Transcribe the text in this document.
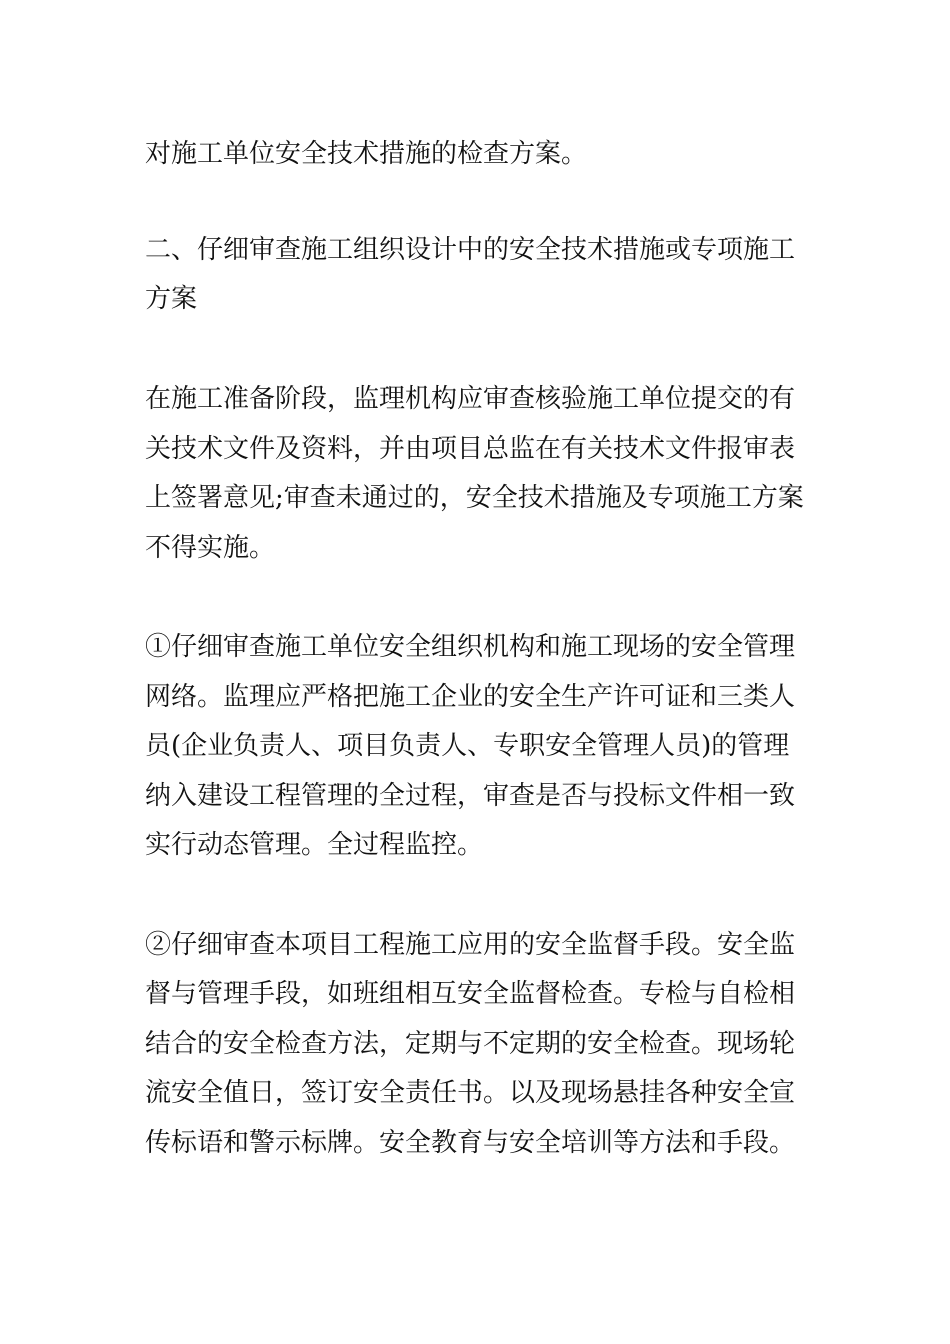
对施工单位安全技术措施的检查方案。
二、仔细审查施工组织设计中的安全技术措施或专项施工
方案
在施工准备阶段，监理机构应审查核验施工单位提交的有
关技术文件及资料，并由项目总监在有关技术文件报审表
上签署意见;审查未通过的，安全技术措施及专项施工方案
不得实施。
①仔细审查施工单位安全组织机构和施工现场的安全管理
网络。监理应严格把施工企业的安全生产许可证和三类人
员(企业负责人、项目负责人、专职安全管理人员)的管理
纳入建设工程管理的全过程，审查是否与投标文件相一致
实行动态管理。全过程监控。
②仔细审查本项目工程施工应用的安全监督手段。安全监
督与管理手段，如班组相互安全监督检查。专检与自检相
结合的安全检查方法，定期与不定期的安全检查。现场轮
流安全值日，签订安全责任书。以及现场悬挂各种安全宣
传标语和警示标牌。安全教育与安全培训等方法和手段。
